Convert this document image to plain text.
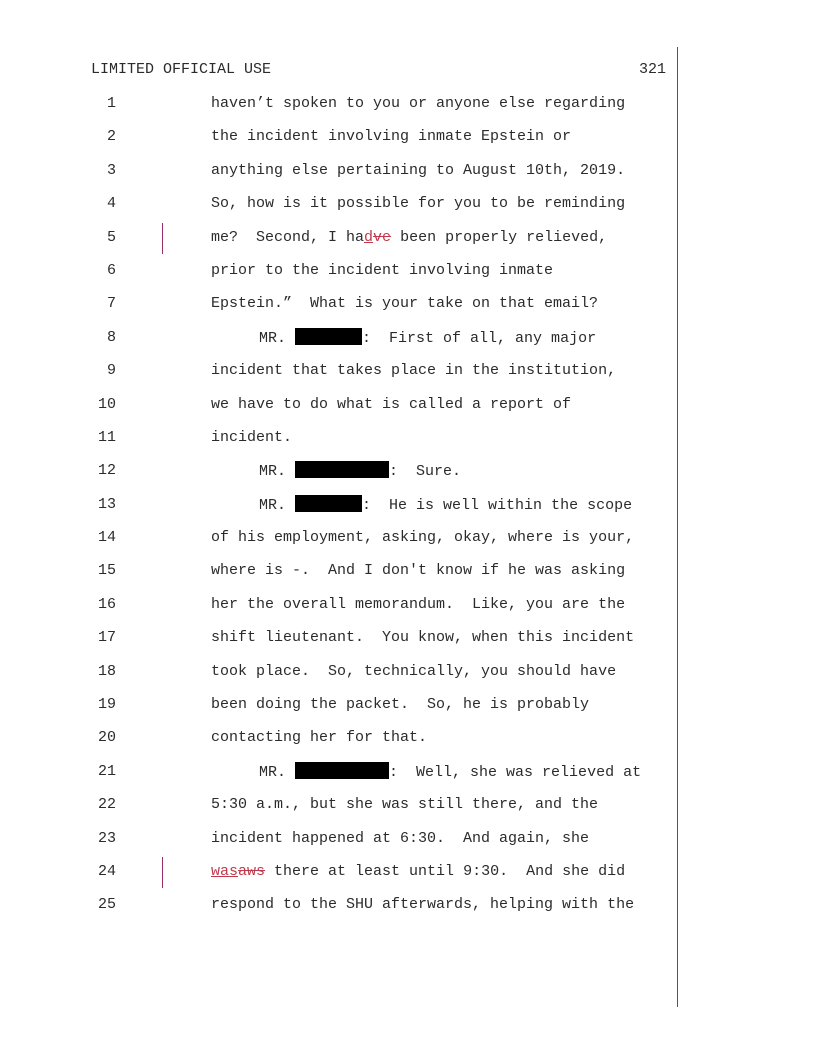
LIMITED OFFICIAL USE	321
1	haven’t spoken to you or anyone else regarding
2	the incident involving inmate Epstein or
3	anything else pertaining to August 10th, 2019.
4	So, how is it possible for you to be reminding
5	me?  Second, I hadve been properly relieved,
6	prior to the incident involving inmate
7	Epstein.”  What is your take on that email?
8	MR.	:  First of all, any major
9	incident that takes place in the institution,
10	we have to do what is called a report of
11	incident.
12	MR.	:  Sure.
13	MR.	:  He is well within the scope
14	of his employment, asking, okay, where is your,
15	where is -.  And I don't know if he was asking
16	her the overall memorandum.  Like, you are the
17	shift lieutenant.  You know, when this incident
18	took place.  So, technically, you should have
19	been doing the packet.  So, he is probably
20	contacting her for that.
21	MR.	:  Well, she was relieved at
22	5:30 a.m., but she was still there, and the
23	incident happened at 6:30.  And again, she
24	wasaws there at least until 9:30.  And she did
25	respond to the SHU afterwards, helping with the
